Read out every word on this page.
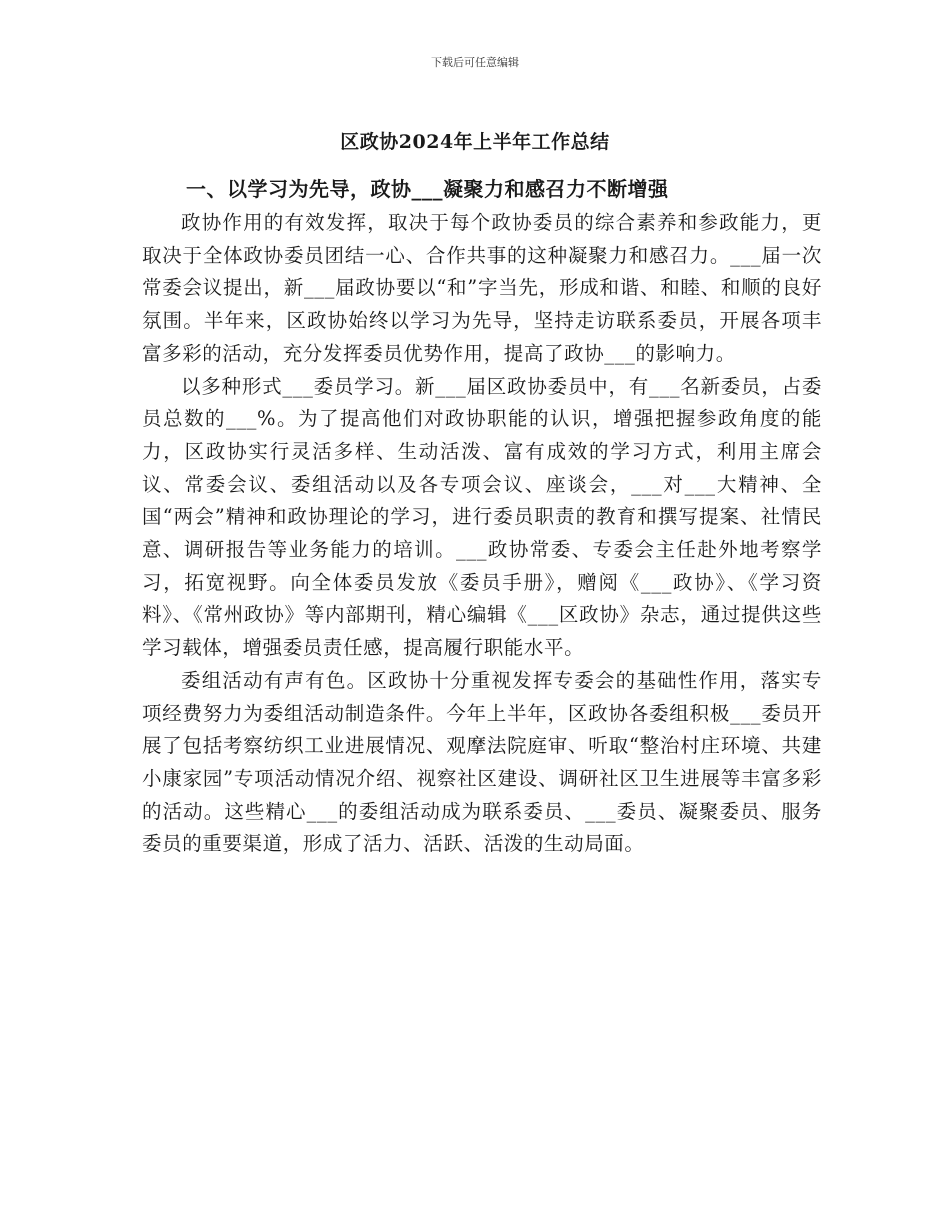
下载后可任意编辑
区政协2024年上半年工作总结
一、以学习为先导，政协___凝聚力和感召力不断增强

政协作用的有效发挥，取决于每个政协委员的综合素养和参政能力，更取决于全体政协委员团结一心、合作共事的这种凝聚力和感召力。___届一次常委会议提出，新___届政协要以“和”字当先，形成和谐、和睦、和顺的良好氛围。半年来，区政协始终以学习为先导，坚持走访联系委员，开展各项丰富多彩的活动，充分发挥委员优势作用，提高了政协___的影响力。

以多种形式___委员学习。新___届区政协委员中，有___名新委员，占委员总数的___%。为了提高他们对政协职能的认识，增强把握参政角度的能力，区政协实行灵活多样、生动活泼、富有成效的学习方式，利用主席会议、常委会议、委组活动以及各专项会议、座谈会，___对___大精神、全国“两会”精神和政协理论的学习，进行委员职责的教育和撰写提案、社情民意、调研报告等业务能力的培训。___政协常委、专委会主任赴外地考察学习，拓宽视野。向全体委员发放《委员手册》，赠阅《___政协》、《学习资料》、《常州政协》等内部期刊，精心编辑《___区政协》杂志，通过提供这些学习载体，增强委员责任感，提高履行职能水平。

委组活动有声有色。区政协十分重视发挥专委会的基础性作用，落实专项经费努力为委组活动制造条件。今年上半年，区政协各委组积极___委员开展了包括考察纺织工业进展情况、观摩法院庭审、听取“整治村庄环境、共建小康家园”专项活动情况介绍、视察社区建设、调研社区卫生进展等丰富多彩的活动。这些精心___的委组活动成为联系委员、___委员、凝聚委员、服务委员的重要渠道，形成了活力、活跃、活泼的生动局面。
